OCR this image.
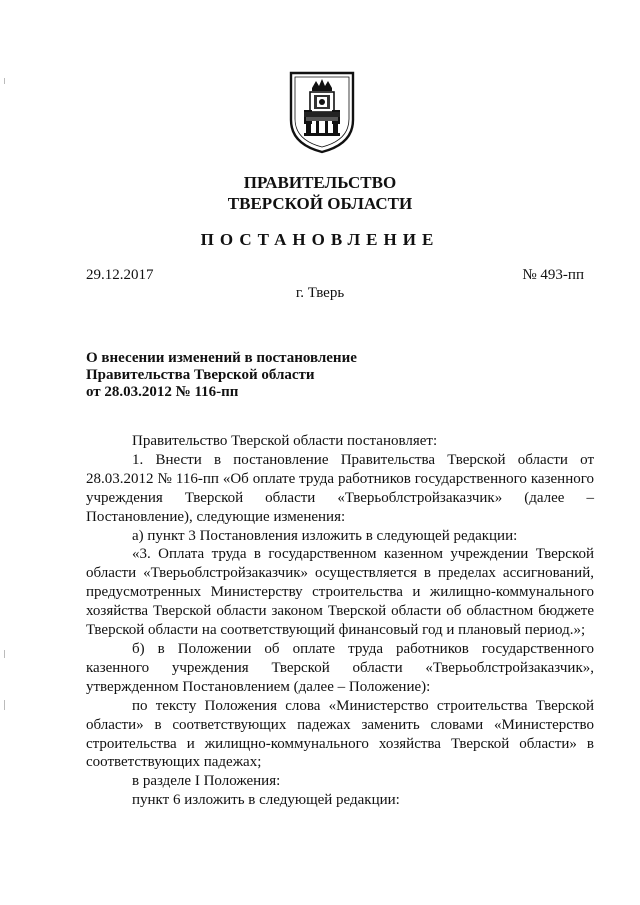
ПРАВИТЕЛЬСТВО
ТВЕРСКОЙ ОБЛАСТИ
ПОСТАНОВЛЕНИЕ
29.12.2017	№ 493-пп
г. Тверь
О внесении изменений в постановление
Правительства Тверской области
от 28.03.2012 № 116-пп

Правительство Тверской области постановляет:

1. Внести в постановление Правительства Тверской области от 28.03.2012 № 116-пп «Об оплате труда работников государственного казенного учреждения Тверской области «Тверьоблстройзаказчик» (далее – Постановление), следующие изменения:

а) пункт 3 Постановления изложить в следующей редакции:

«3. Оплата труда в государственном казенном учреждении Тверской области «Тверьоблстройзаказчик» осуществляется в пределах ассигнований, предусмотренных Министерству строительства и жилищно-коммунального хозяйства Тверской области законом Тверской области об областном бюджете Тверской области на соответствующий финансовый год и плановый период.»;

б) в Положении об оплате труда работников государственного казенного учреждения Тверской области «Тверьоблстройзаказчик», утвержденном Постановлением (далее – Положение):

по тексту Положения слова «Министерство строительства Тверской области» в соответствующих падежах заменить словами «Министерство строительства и жилищно-коммунального хозяйства Тверской области» в соответствующих падежах;

в разделе I Положения:

пункт 6 изложить в следующей редакции:
